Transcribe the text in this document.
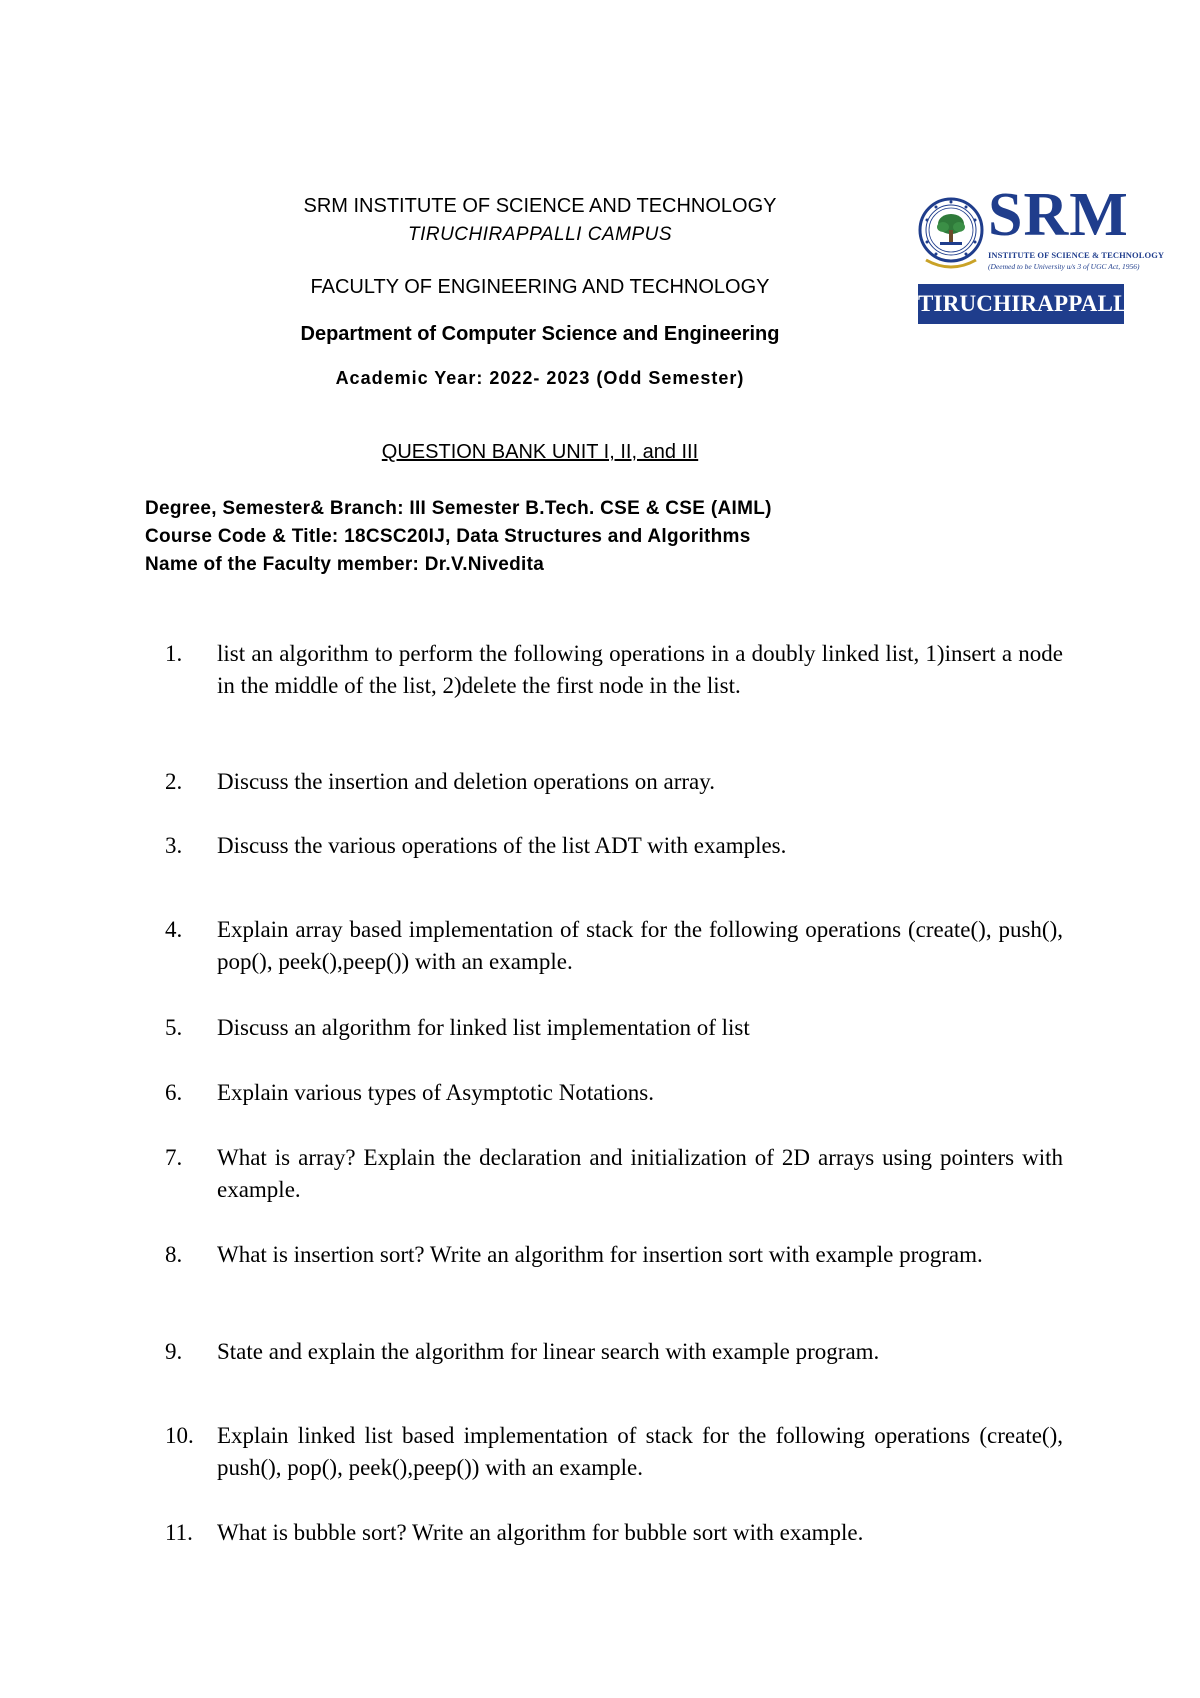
SRM INSTITUTE OF SCIENCE AND TECHNOLOGY
TIRUCHIRAPPALLI CAMPUS
FACULTY OF ENGINEERING AND TECHNOLOGY
Department of Computer Science and Engineering
Academic Year: 2022- 2023 (Odd Semester)
QUESTION BANK UNIT I, II, and III
SRM
INSTITUTE OF SCIENCE & TECHNOLOGY
(Deemed to be University u/s 3 of UGC Act, 1956)
TIRUCHIRAPPALLI
Degree, Semester& Branch: III Semester B.Tech. CSE & CSE (AIML)
Course Code & Title: 18CSC20IJ, Data Structures and Algorithms
Name of the Faculty member: Dr.V.Nivedita
1.	list an algorithm to perform the following operations in a doubly linked list, 1)insert a node in the middle of the list, 2)delete the first node in the list.
2.	Discuss the insertion and deletion operations on array.
3.	Discuss the various operations of the list ADT with examples.
4.	Explain array based implementation of stack for the following operations (create(), push(), pop(), peek(),peep()) with an example.
5.	Discuss an algorithm for linked list implementation of list
6.	Explain various types of Asymptotic Notations.
7.	What is array? Explain the declaration and initialization of 2D arrays using pointers with example.
8.	What is insertion sort? Write an algorithm for insertion sort with example program.
9.	State and explain the algorithm for linear search with example program.
10.	Explain linked list based implementation of stack for the following operations (create(), push(), pop(), peek(),peep()) with an example.
11.	What is bubble sort? Write an algorithm for bubble sort with example.
